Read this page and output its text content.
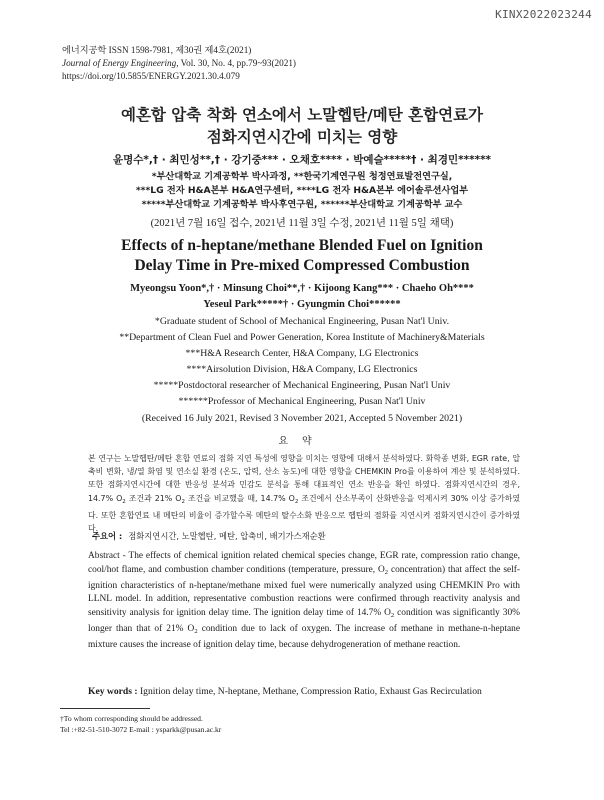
KINX2022023244
에너지공학 ISSN 1598-7981, 제30권 제4호(2021)
Journal of Energy Engineering, Vol. 30, No. 4, pp.79~93(2021)
https://doi.org/10.5855/ENERGY.2021.30.4.079
예혼합 압축 착화 연소에서 노말헵탄/메탄 혼합연료가
점화지연시간에 미치는 영향
윤명수*,† · 최민성**,† · 강기중*** · 오채호**** · 박예슬*****† · 최경민******
*부산대학교 기계공학부 박사과정, **한국기계연구원 청정연료발전연구실,
***LG 전자 H&A본부 H&A연구센터, ****LG 전자 H&A본부 에어솔루션사업부
*****부산대학교 기계공학부 박사후연구원, ******부산대학교 기계공학부 교수
(2021년 7월 16일 접수, 2021년 11월 3일 수정, 2021년 11월 5일 채택)
Effects of n-heptane/methane Blended Fuel on Ignition
Delay Time in Pre-mixed Compressed Combustion
Myeongsu Yoon*,† · Minsung Choi**,† · Kijoong Kang*** · Chaeho Oh****
Yeseul Park*****† · Gyungmin Choi******
*Graduate student of School of Mechanical Engineering, Pusan Nat'l Univ.
**Department of Clean Fuel and Power Generation, Korea Institute of Machinery&Materials
***H&A Research Center, H&A Company, LG Electronics
****Airsolution Division, H&A Company, LG Electronics
*****Postdoctoral researcher of Mechanical Engineering, Pusan Nat'l Univ
******Professor of Mechanical Engineering, Pusan Nat'l Univ
(Received 16 July 2021, Revised 3 November 2021, Accepted 5 November 2021)
요약
본 연구는 노말헵탄/메탄 혼합 연료의 점화 지연 특성에 영향을 미치는 영향에 대해서 분석하였다. 화학종 변화, EGR rate, 압축비 변화, 냉/열 화염 및 연소실 환경 (온도, 압력, 산소 농도)에 대한 영향을 CHEMKIN Pro를 이용하여 계산 및 분석하였다. 또한 점화지연시간에 대한 반응성 분석과 민감도 분석을 통해 대표적인 연소 반응을 확인 하였다. 점화지연시간의 경우, 14.7% $O_2$ 조건과 21% $O_2$ 조건을 비교했을 때, 14.7% $O_2$ 조건에서 산소부족이 산화반응을 억제시켜 30% 이상 증가하였다. 또한 혼합연료 내 메탄의 비율이 증가할수록 메탄의 탈수소화 반응으로 헵탄의 점화를 지연시켜 점화지연시간이 증가하였다.
주요어 : 점화지연시간, 노말헵탄, 메탄, 압축비, 배기가스재순환
Abstract - The effects of chemical ignition related chemical species change, EGR rate, compression ratio change, cool/hot flame, and combustion chamber conditions (temperature, pressure, $O_2$ concentration) that affect the self-ignition characteristics of n-heptane/methane mixed fuel were numerically analyzed using CHEMKIN Pro with LLNL model. In addition, representative combustion reactions were confirmed through reactivity analysis and sensitivity analysis for ignition delay time. The ignition delay time of 14.7% $O_2$ condition was significantly 30% longer than that of 21% $O_2$ condition due to lack of oxygen. The increase of methane in methane-n-heptane mixture causes the increase of ignition delay time, because dehydrogeneration of methane reaction.
Key words : Ignition delay time, N-heptane, Methane, Compression Ratio, Exhaust Gas Recirculation
†To whom corresponding should be addressed.
Tel :+82-51-510-3072 E-mail : ysparkk@pusan.ac.kr
